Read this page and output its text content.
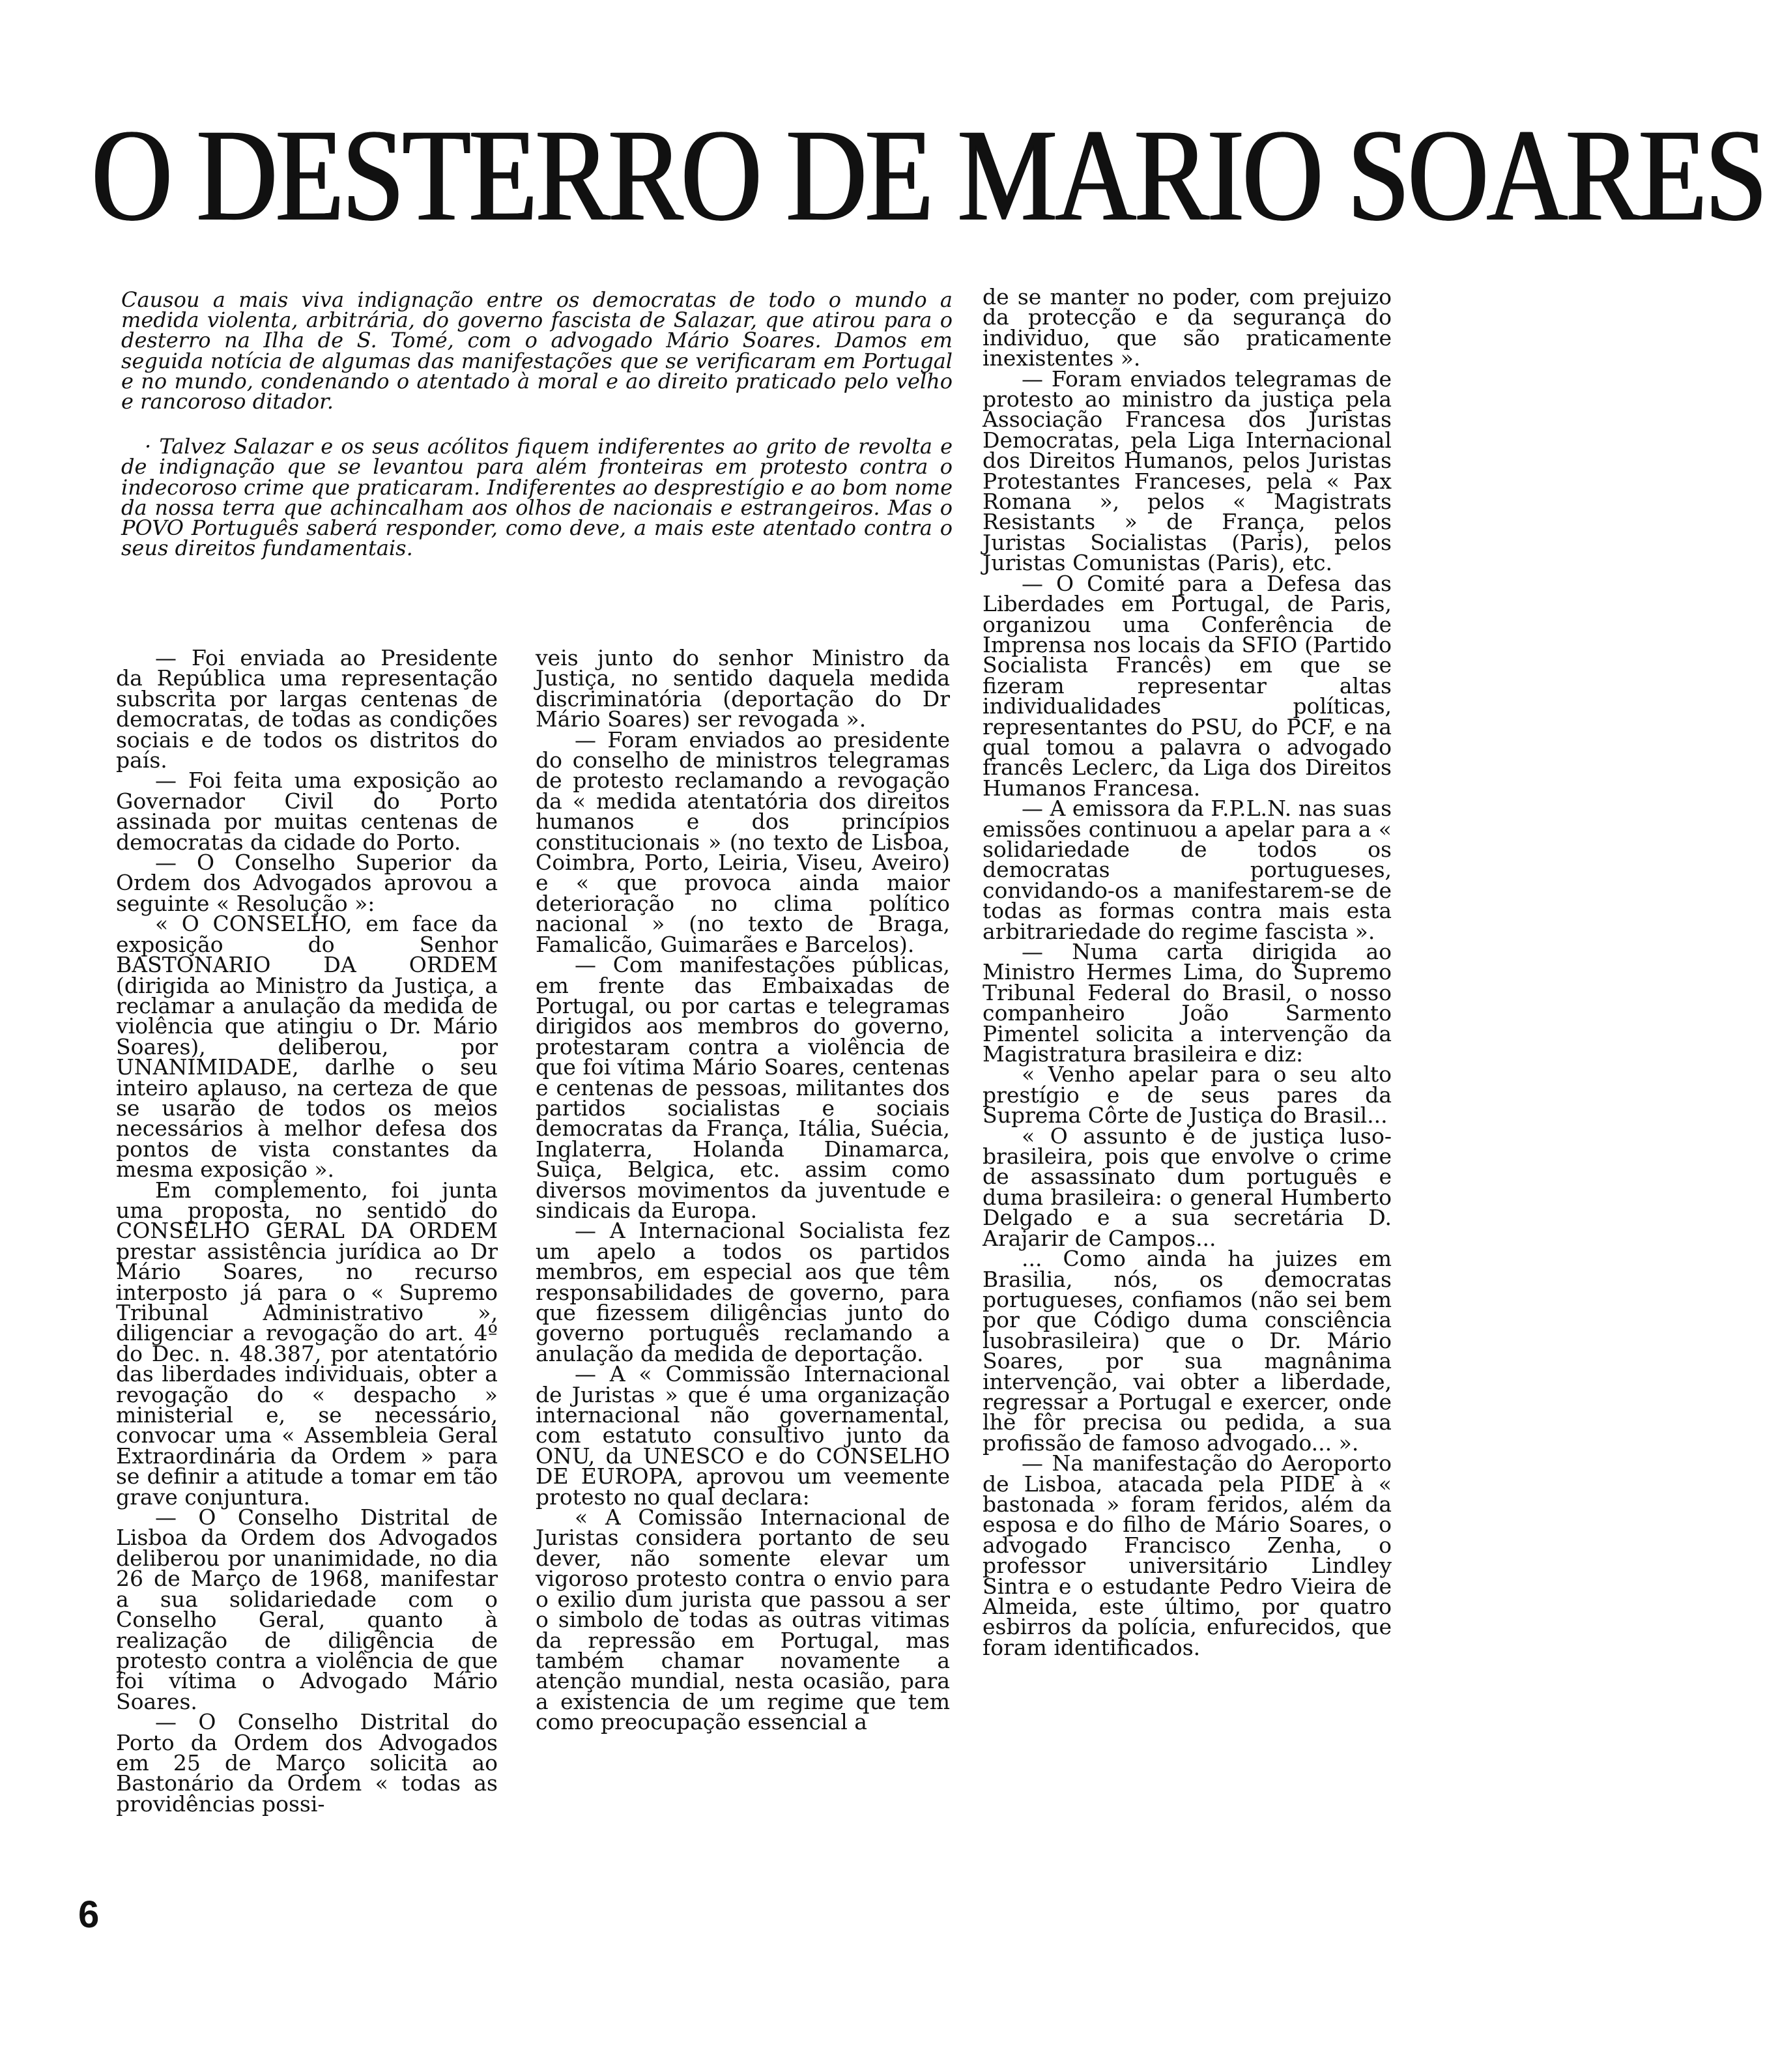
O DESTERRO DE MARIO SOARES

Causou a mais viva indignação entre os democratas de todo o mundo a medida violenta, arbitrária, do governo fascista de Salazar, que atirou para o desterro na Ilha de S. Tomé, com o advogado Mário Soares. Damos em seguida notícia de algumas das manifestações que se verificaram em Portugal e no mundo, condenando o atentado à moral e ao direito praticado pelo velho e rancoroso ditador.

· Talvez Salazar e os seus acólitos fiquem indiferentes ao grito de revolta e de indignação que se levantou para além fronteiras em protesto contra o indecoroso crime que praticaram. Indiferentes ao desprestígio e ao bom nome da nossa terra que achincalham aos olhos de nacionais e estrangeiros. Mas o POVO Português saberá responder, como deve, a mais este atentado contra o seus direitos fundamentais.

— Foi enviada ao Presidente da República uma representação subscrita por largas centenas de democratas, de todas as condições sociais e de todos os distritos do país.

— Foi feita uma exposição ao Governador Civil do Porto assinada por muitas centenas de democratas da cidade do Porto.

— O Conselho Superior da Ordem dos Advogados aprovou a seguinte « Resolução »:

« O CONSELHO, em face da exposição do Senhor BASTONARIO DA ORDEM (dirigida ao Ministro da Justiça, a reclamar a anulação da medida de violência que atingiu o Dr. Mário Soares), deliberou, por UNANIMIDADE, darlhe o seu inteiro aplauso, na certeza de que se usarão de todos os meios necessários à melhor defesa dos pontos de vista constantes da mesma exposição ».

Em complemento, foi junta uma proposta, no sentido do CONSELHO GERAL DA ORDEM prestar assistência jurídica ao Dr Mário Soares, no recurso interposto já para o « Supremo Tribunal Administrativo », diligenciar a revogação do art. 4º do Dec. n. 48.387, por atentatório das liberdades individuais, obter a revogação do « despacho » ministerial e, se necessário, convocar uma « Assembleia Geral Extraordinária da Ordem » para se definir a atitude a tomar em tão grave conjuntura.

— O Conselho Distrital de Lisboa da Ordem dos Advogados deliberou por unanimidade, no dia 26 de Março de 1968, manifestar a sua solidariedade com o Conselho Geral, quanto à realização de diligência de protesto contra a violência de que foi vítima o Advogado Mário Soares.

— O Conselho Distrital do Porto da Ordem dos Advogados em 25 de Março solicita ao Bastonário da Ordem « todas as providências possi-

veis junto do senhor Ministro da Justiça, no sentido daquela medida discriminatória (deportação do Dr Mário Soares) ser revogada ».

— Foram enviados ao presidente do conselho de ministros telegramas de protesto reclamando a revogação da « medida atentatória dos direitos humanos e dos princípios constitucionais » (no texto de Lisboa, Coimbra, Porto, Leiria, Viseu, Aveiro) e « que provoca ainda maior deterioração no clima político nacional » (no texto de Braga, Famalicão, Guimarães e Barcelos).

— Com manifestações públicas, em frente das Embaixadas de Portugal, ou por cartas e telegramas dirigidos aos membros do governo, protestaram contra a violência de que foi vítima Mário Soares, centenas e centenas de pessoas, militantes dos partidos socialistas e sociais democratas da França, Itália, Suécia, Inglaterra, Holanda Dinamarca, Suiça, Belgica, etc. assim como diversos movimentos da juventude e sindicais da Europa.

— A Internacional Socialista fez um apelo a todos os partidos membros, em especial aos que têm responsabilidades de governo, para que fizessem diligências junto do governo português reclamando a anulação da medida de deportação.

— A « Commissão Internacional de Juristas » que é uma organização internacional não governamental, com estatuto consultivo junto da ONU, da UNESCO e do CONSELHO DE EUROPA, aprovou um veemente protesto no qual declara:

« A Comissão Internacional de Juristas considera portanto de seu dever, não somente elevar um vigoroso protesto contra o envio para o exilio dum jurista que passou a ser o simbolo de todas as outras vitimas da repressão em Portugal, mas também chamar novamente a atenção mundial, nesta ocasião, para a existencia de um regime que tem como preocupação essencial a

de se manter no poder, com prejuizo da protecção e da segurança do individuo, que são praticamente inexistentes ».

— Foram enviados telegramas de protesto ao ministro da justiça pela Associação Francesa dos Juristas Democratas, pela Liga Internacional dos Direitos Humanos, pelos Juristas Protestantes Franceses, pela « Pax Romana », pelos « Magistrats Resistants » de França, pelos Juristas Socialistas (Paris), pelos Juristas Comunistas (Paris), etc.

— O Comité para a Defesa das Liberdades em Portugal, de Paris, organizou uma Conferência de Imprensa nos locais da SFIO (Partido Socialista Francês) em que se fizeram representar altas individualidades políticas, representantes do PSU, do PCF, e na qual tomou a palavra o advogado francês Leclerc, da Liga dos Direitos Humanos Francesa.

— A emissora da F.P.L.N. nas suas emissões continuou a apelar para a « solidariedade de todos os democratas portugueses, convidando-os a manifestarem-se de todas as formas contra mais esta arbitrariedade do regime fascista ».

— Numa carta dirigida ao Ministro Hermes Lima, do Supremo Tribunal Federal do Brasil, o nosso companheiro João Sarmento Pimentel solicita a intervenção da Magistratura brasileira e diz:

« Venho apelar para o seu alto prestígio e de seus pares da Suprema Côrte de Justiça do Brasil...

« O assunto é de justiça luso-brasileira, pois que envolve o crime de assassinato dum português e duma brasileira: o general Humberto Delgado e a sua secretária D. Arajarir de Campos...

... Como ainda ha juizes em Brasilia, nós, os democratas portugueses, confiamos (não sei bem por que Código duma consciência lusobrasileira) que o Dr. Mário Soares, por sua magnânima intervenção, vai obter a liberdade, regressar a Portugal e exercer, onde lhe fôr precisa ou pedida, a sua profissão de famoso advogado... ».

— Na manifestação do Aeroporto de Lisboa, atacada pela PIDE à « bastonada » foram feridos, além da esposa e do filho de Mário Soares, o advogado Francisco Zenha, o professor universitário Lindley Sintra e o estudante Pedro Vieira de Almeida, este último, por quatro esbirros da polícia, enfurecidos, que foram identificados.

6
